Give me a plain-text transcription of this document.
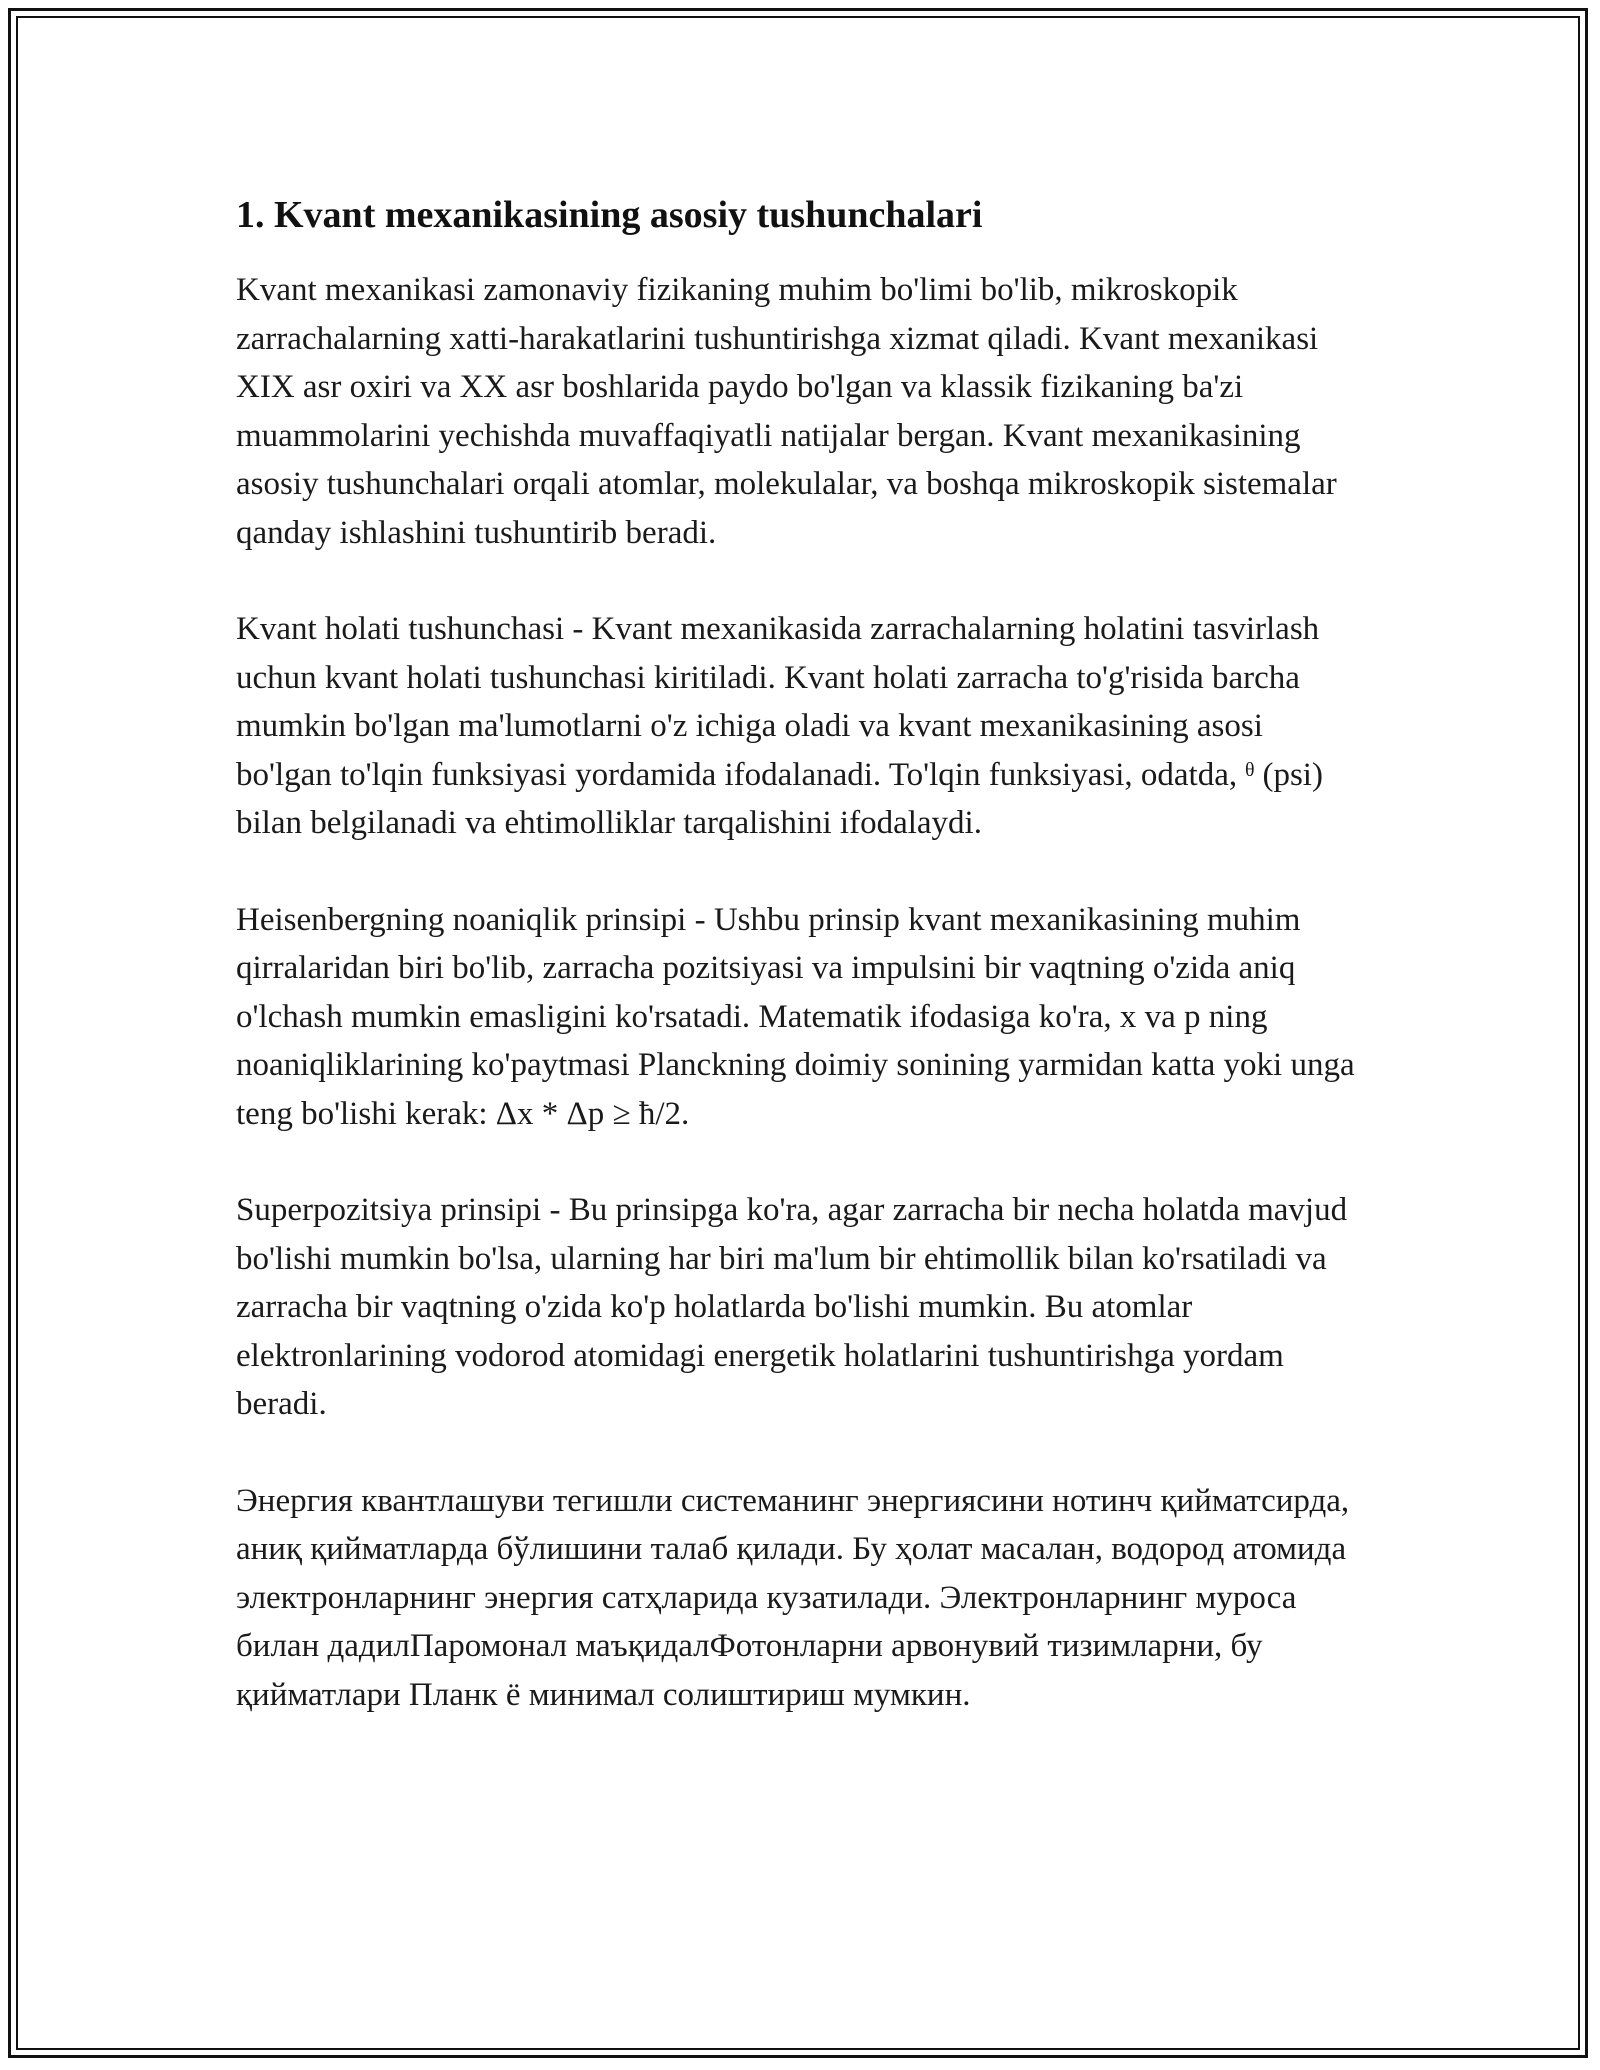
1. Kvant mexanikasining asosiy tushunchalari

Kvant mexanikasi zamonaviy fizikaning muhim bo'limi bo'lib, mikroskopik zarrachalarning xatti-harakatlarini tushuntirishga xizmat qiladi. Kvant mexanikasi XIX asr oxiri va XX asr boshlarida paydo bo'lgan va klassik fizikaning ba'zi muammolarini yechishda muvaffaqiyatli natijalar bergan. Kvant mexanikasining asosiy tushunchalari orqali atomlar, molekulalar, va boshqa mikroskopik sistemalar qanday ishlashini tushuntirib beradi.

Kvant holati tushunchasi - Kvant mexanikasida zarrachalarning holatini tasvirlash uchun kvant holati tushunchasi kiritiladi. Kvant holati zarracha to'g'risida barcha mumkin bo'lgan ma'lumotlarni o'z ichiga oladi va kvant mexanikasining asosi bo'lgan to'lqin funksiyasi yordamida ifodalanadi. To'lqin funksiyasi, odatda, ᶿ (psi) bilan belgilanadi va ehtimolliklar tarqalishini ifodalaydi.

Heisenbergning noaniqlik prinsipi - Ushbu prinsip kvant mexanikasining muhim qirralaridan biri bo'lib, zarracha pozitsiyasi va impulsini bir vaqtning o'zida aniq o'lchash mumkin emasligini ko'rsatadi. Matematik ifodasiga ko'ra, x va p ning noaniqliklarining ko'paytmasi Planckning doimiy sonining yarmidan katta yoki unga teng bo'lishi kerak: Δx * Δp ≥ ħ/2.

Superpozitsiya prinsipi - Bu prinsipga ko'ra, agar zarracha bir necha holatda mavjud bo'lishi mumkin bo'lsa, ularning har biri ma'lum bir ehtimollik bilan ko'rsatiladi va zarracha bir vaqtning o'zida ko'p holatlarda bo'lishi mumkin. Bu atomlar elektronlarining vodorod atomidagi energetik holatlarini tushuntirishga yordam beradi.

Энергия квантлашуви тегишли системанинг энергиясини нотинч қийматсирда, аниқ қийматларда бўлишини талаб қилади. Бу ҳолат масалан, водород атомида электронларнинг энергия сатҳларида кузатилади. Электронларнинг муроса билан дадилПаромонал маъқидалФотонларни арвонувий тизимларни, бу қийматлари Планк ё минимал солиштириш мумкин.
